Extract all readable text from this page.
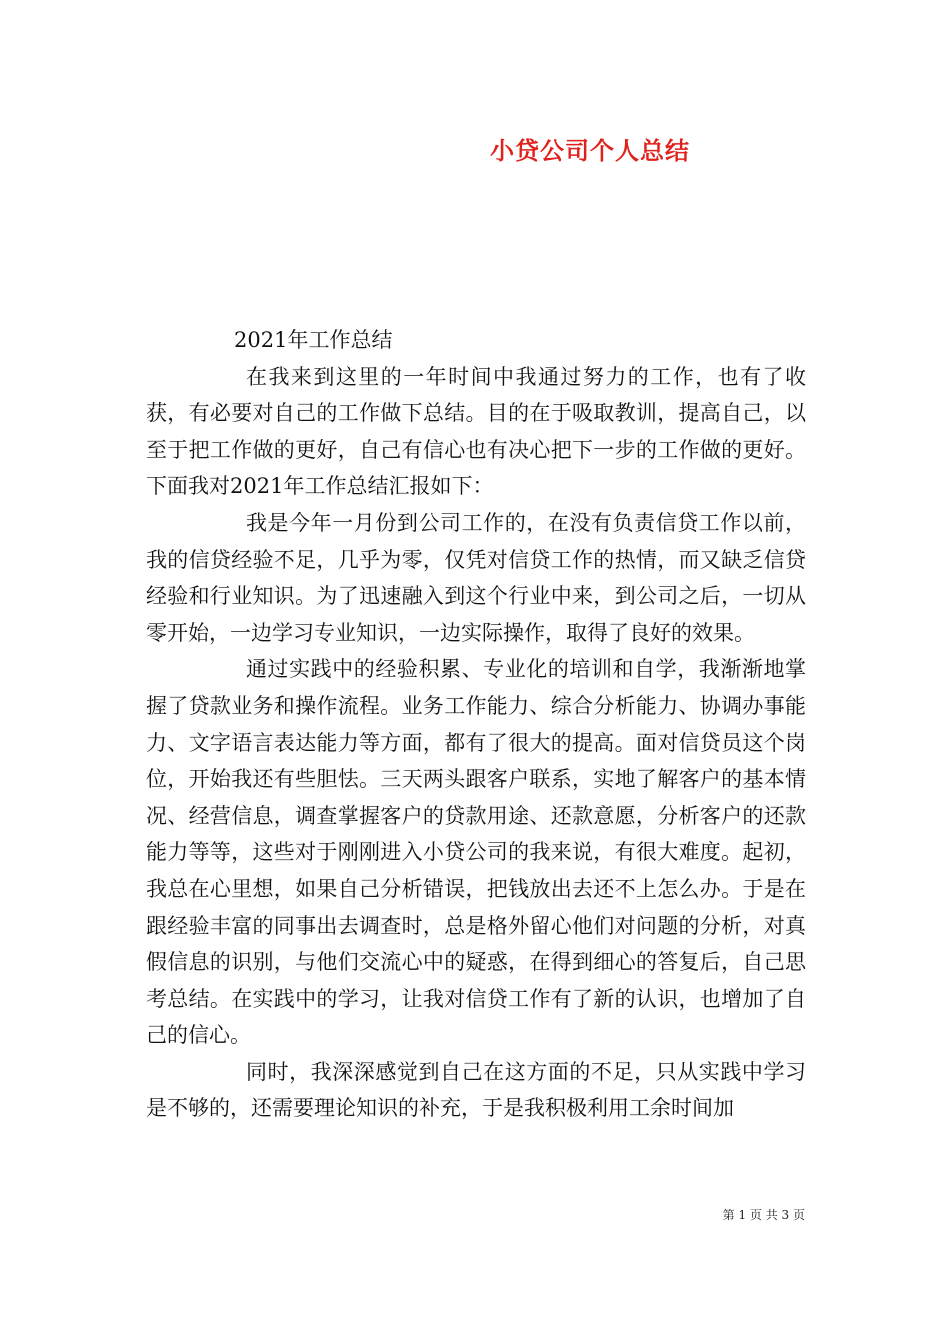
小贷公司个人总结

2021年工作总结

在我来到这里的一年时间中我通过努力的工作，也有了收获，有必要对自己的工作做下总结。目的在于吸取教训，提高自己，以至于把工作做的更好，自己有信心也有决心把下一步的工作做的更好。下面我对2021年工作总结汇报如下：

我是今年一月份到公司工作的，在没有负责信贷工作以前，我的信贷经验不足，几乎为零，仅凭对信贷工作的热情，而又缺乏信贷经验和行业知识。为了迅速融入到这个行业中来，到公司之后，一切从零开始，一边学习专业知识，一边实际操作，取得了良好的效果。

通过实践中的经验积累、专业化的培训和自学，我渐渐地掌握了贷款业务和操作流程。业务工作能力、综合分析能力、协调办事能力、文字语言表达能力等方面，都有了很大的提高。面对信贷员这个岗位，开始我还有些胆怯。三天两头跟客户联系，实地了解客户的基本情况、经营信息，调查掌握客户的贷款用途、还款意愿，分析客户的还款能力等等，这些对于刚刚进入小贷公司的我来说，有很大难度。起初，我总在心里想，如果自己分析错误，把钱放出去还不上怎么办。于是在跟经验丰富的同事出去调查时，总是格外留心他们对问题的分析，对真假信息的识别，与他们交流心中的疑惑，在得到细心的答复后，自己思考总结。在实践中的学习，让我对信贷工作有了新的认识，也增加了自己的信心。

同时，我深深感觉到自己在这方面的不足，只从实践中学习是不够的，还需要理论知识的补充，于是我积极利用工余时间加

第 1 页 共 3 页
